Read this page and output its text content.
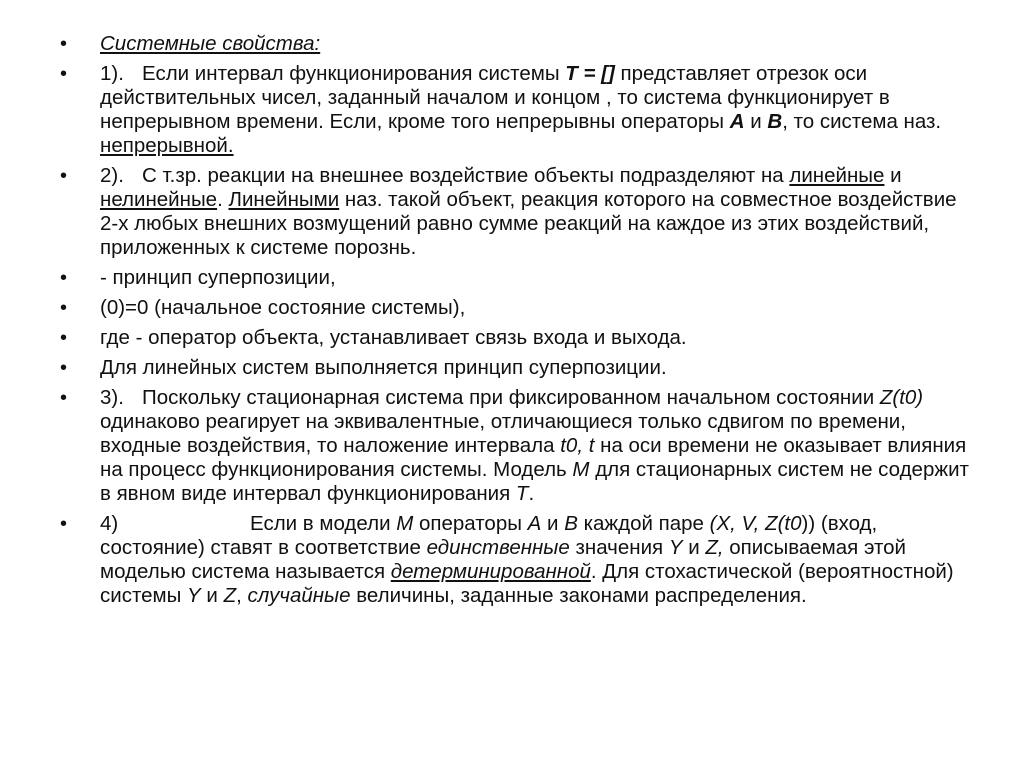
• Системные свойства:
• 1). Если интервал функционирования системы T = [] представляет отрезок оси действительных чисел, заданный началом и концом , то система функционирует в непрерывном времени. Если, кроме того непрерывны операторы A и B, то система наз. непрерывной.
• 2). С т.зр. реакции на внешнее воздействие объекты подразделяют на линейные и нелинейные. Линейными наз. такой объект, реакция которого на совместное воздействие 2-х любых внешних возмущений равно сумме реакций на каждое из этих воздействий, приложенных к системе порознь.
• - принцип суперпозиции,
• (0)=0 (начальное состояние системы),
• где - оператор объекта, устанавливает связь входа и выхода.
• Для линейных систем выполняется принцип суперпозиции.
• 3). Поскольку стационарная система при фиксированном начальном состоянии Z(t0) одинаково реагирует на эквивалентные, отличающиеся только сдвигом по времени, входные воздействия, то наложение интервала t0, t на оси времени не оказывает влияния на процесс функционирования системы. Модель M для стационарных систем не содержит в явном виде интервал функционирования T.
• 4)	Если в модели M операторы A и B каждой паре (X, V, Z(t0)) (вход, состояние) ставят в соответствие единственные значения Y и Z, описываемая этой моделью система называется детерминированной. Для стохастической (вероятностной) системы Y и Z, случайные величины, заданные законами распределения.
